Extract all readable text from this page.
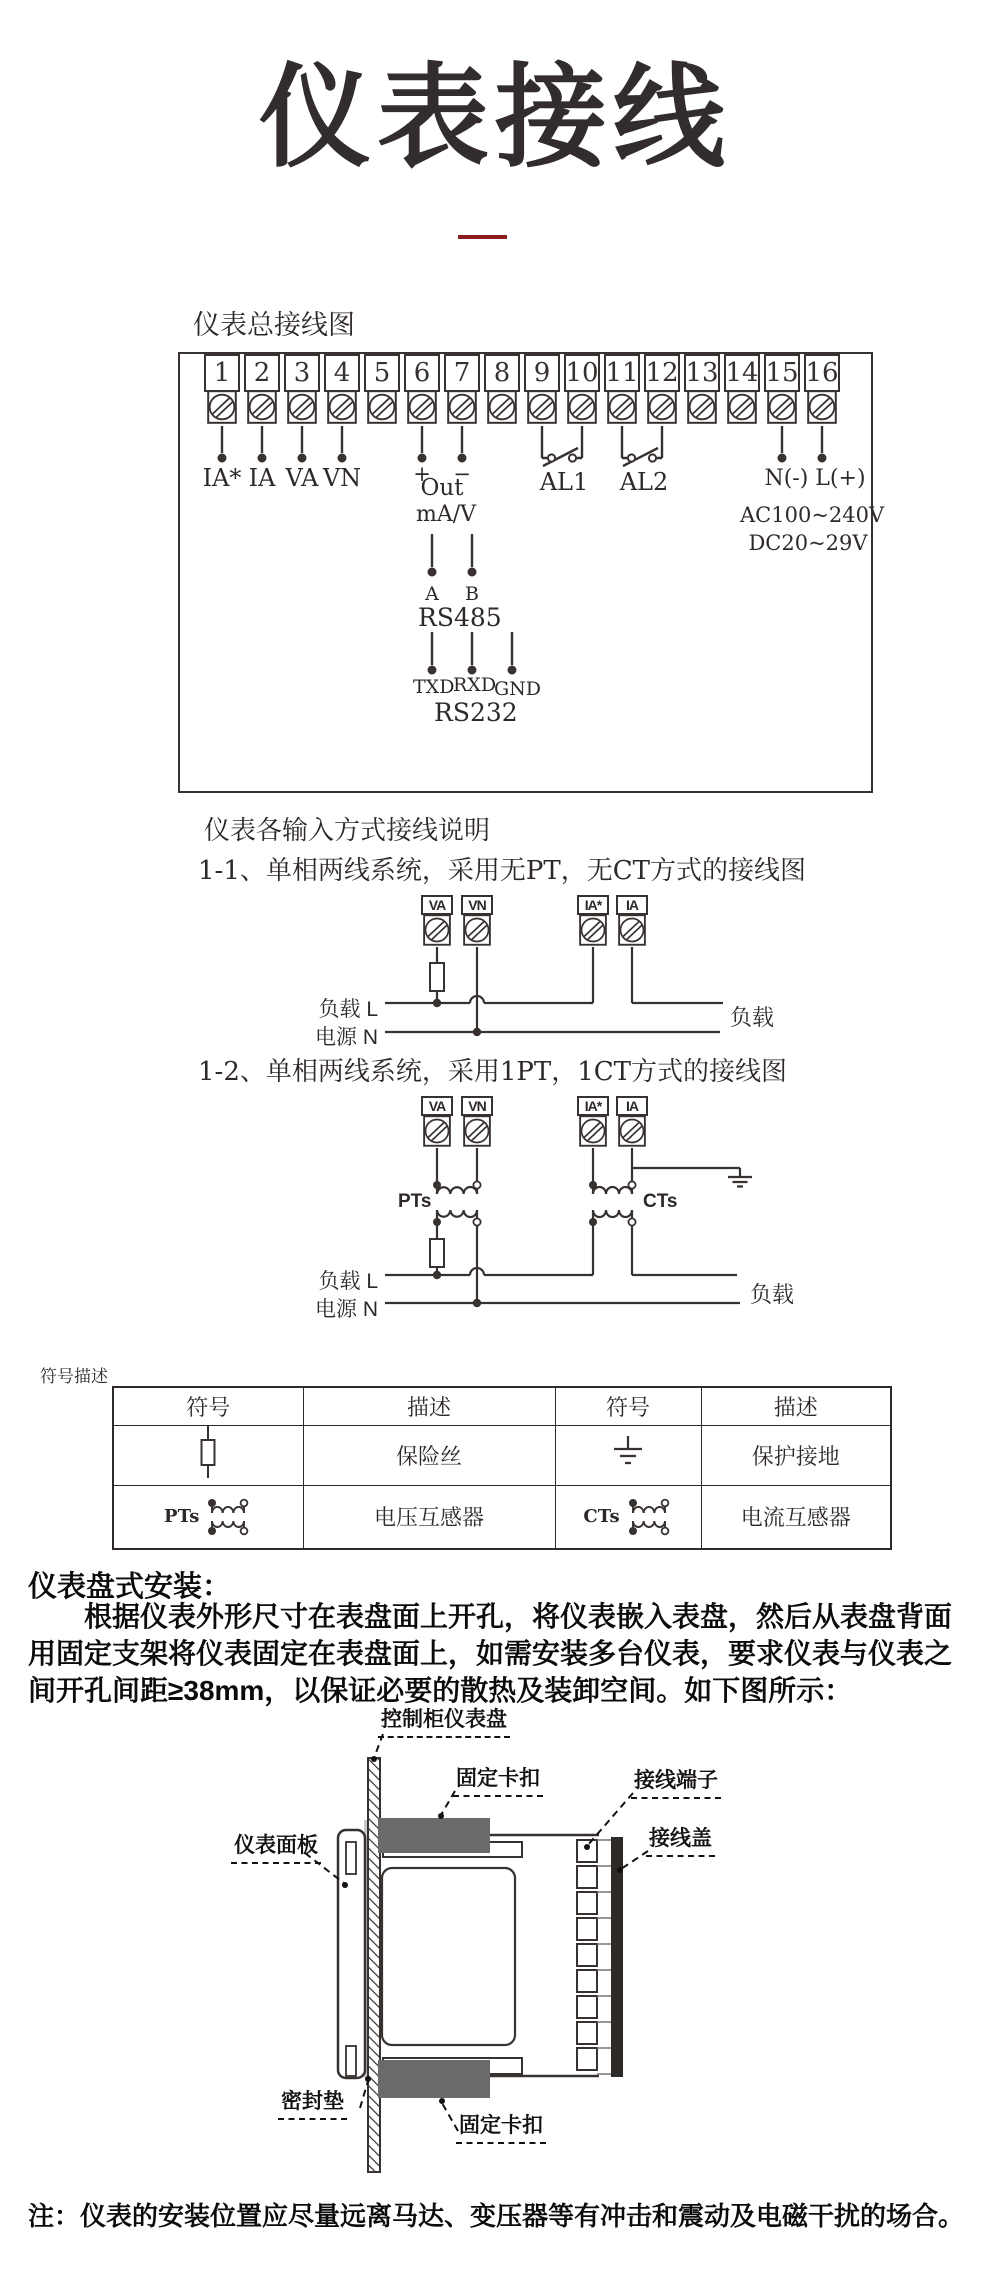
仪表接线
仪表总接线图
1 2 3 4 5 6 7 8 9 10 11 12 13 14 15 16
IA* IA VA VN + −
Out
mA/V
AL1 AL2
A B
RS485
TXD
RXD
GND
RS232
N(-) L(+)
AC100~240V
DC20~29V
仪表各输入方式接线说明
1-1、单相两线系统，采用无PT，无CT方式的接线图
VA	VN	IA*	IA
负载 L
电源 N
负载
1-2、单相两线系统，采用1PT，1CT方式的接线图
VA	VN	IA*	IA
PTs	CTs
负载 L
电源 N
负载
符号描述
符号	描述	符号	描述
	保险丝		保护接地

PTs	电压互感器	CTs	电流互感器
仪表盘式安装：
根据仪表外形尺寸在表盘面上开孔，将仪表嵌入表盘，然后从表盘背面用固定支架将仪表固定在表盘面上，如需安装多台仪表，要求仪表与仪表之间开孔间距≥38mm，以保证必要的散热及装卸空间。如下图所示：
控制柜仪表盘
固定卡扣	接线端子
接线盖
仪表面板
密封垫
固定卡扣
注：仪表的安装位置应尽量远离马达、变压器等有冲击和震动及电磁干扰的场合。
